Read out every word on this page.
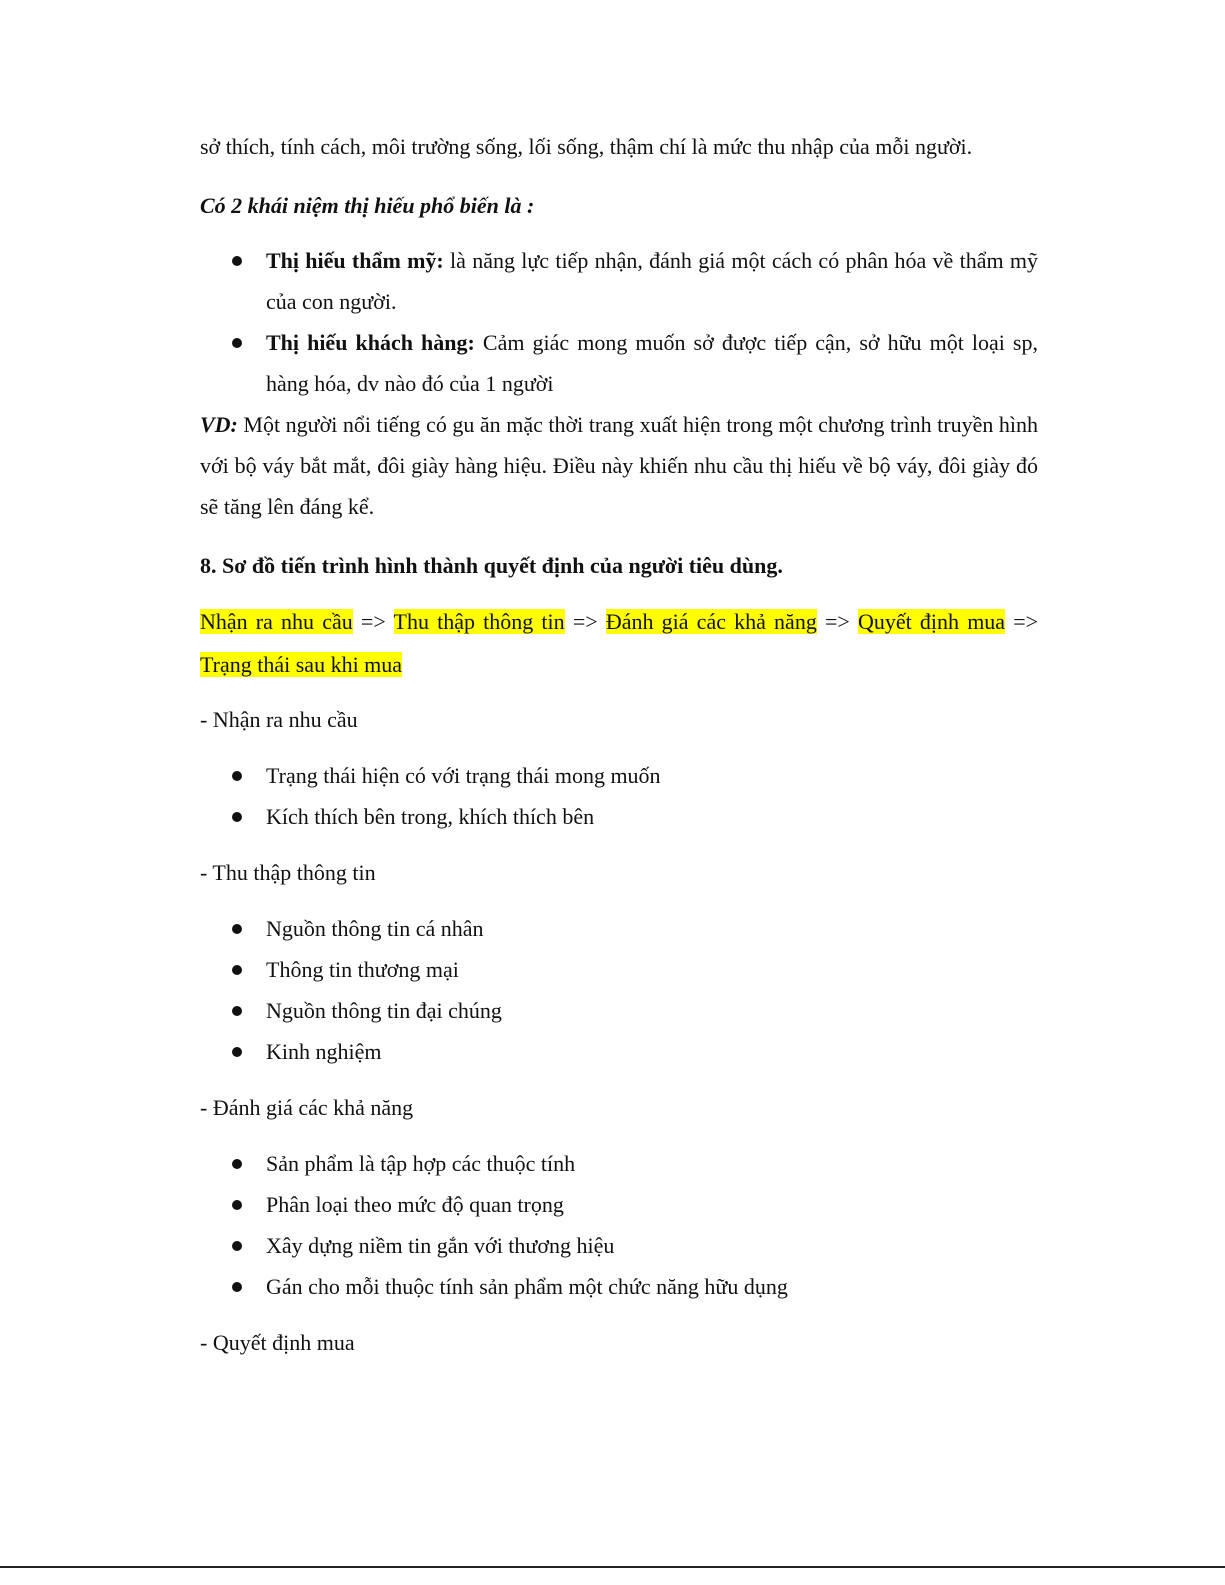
sở thích, tính cách, môi trường sống, lối sống, thậm chí là mức thu nhập của mỗi người.

Có 2 khái niệm thị hiếu phổ biến là :

Thị hiếu thẩm mỹ: là năng lực tiếp nhận, đánh giá một cách có phân hóa về thẩm mỹ của con người.
Thị hiếu khách hàng: Cảm giác mong muốn sở được tiếp cận, sở hữu một loại sp, hàng hóa, dv nào đó của 1 người

VD: Một người nổi tiếng có gu ăn mặc thời trang xuất hiện trong một chương trình truyền hình với bộ váy bắt mắt, đôi giày hàng hiệu. Điều này khiến nhu cầu thị hiếu về bộ váy, đôi giày đó sẽ tăng lên đáng kể.

8. Sơ đồ tiến trình hình thành quyết định của người tiêu dùng.

Nhận ra nhu cầu => Thu thập thông tin => Đánh giá các khả năng => Quyết định mua => Trạng thái sau khi mua

- Nhận ra nhu cầu

Trạng thái hiện có với trạng thái mong muốn
Kích thích bên trong, khích thích bên

- Thu thập thông tin

Nguồn thông tin cá nhân
Thông tin thương mại
Nguồn thông tin đại chúng
Kinh nghiệm

- Đánh giá các khả năng

Sản phẩm là tập hợp các thuộc tính
Phân loại theo mức độ quan trọng
Xây dựng niềm tin gắn với thương hiệu
Gán cho mỗi thuộc tính sản phẩm một chức năng hữu dụng

- Quyết định mua
